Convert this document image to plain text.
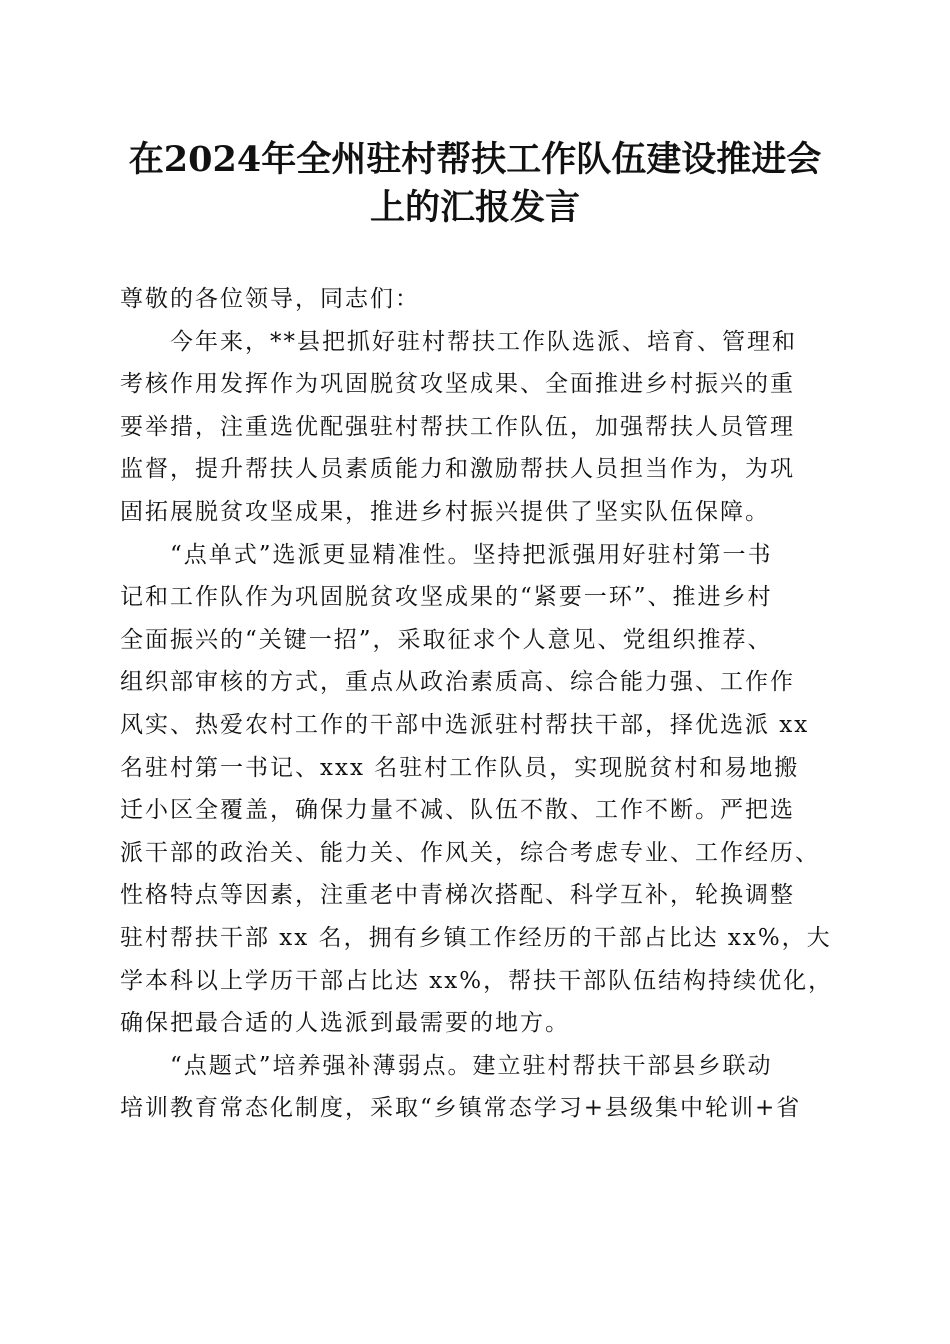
在2024年全州驻村帮扶工作队伍建设推进会
上的汇报发言
尊敬的各位领导，同志们：
今年来，**县把抓好驻村帮扶工作队选派、培育、管理和
考核作用发挥作为巩固脱贫攻坚成果、全面推进乡村振兴的重
要举措，注重选优配强驻村帮扶工作队伍，加强帮扶人员管理
监督，提升帮扶人员素质能力和激励帮扶人员担当作为，为巩
固拓展脱贫攻坚成果，推进乡村振兴提供了坚实队伍保障。
“点单式”选派更显精准性。坚持把派强用好驻村第一书
记和工作队作为巩固脱贫攻坚成果的“紧要一环”、推进乡村
全面振兴的“关键一招”，采取征求个人意见、党组织推荐、
组织部审核的方式，重点从政治素质高、综合能力强、工作作
风实、热爱农村工作的干部中选派驻村帮扶干部，择优选派 xx
名驻村第一书记、xxx 名驻村工作队员，实现脱贫村和易地搬
迁小区全覆盖，确保力量不减、队伍不散、工作不断。严把选
派干部的政治关、能力关、作风关，综合考虑专业、工作经历、
性格特点等因素，注重老中青梯次搭配、科学互补，轮换调整
驻村帮扶干部 xx 名，拥有乡镇工作经历的干部占比达 xx%，大
学本科以上学历干部占比达 xx%，帮扶干部队伍结构持续优化，
确保把最合适的人选派到最需要的地方。
“点题式”培养强补薄弱点。建立驻村帮扶干部县乡联动
培训教育常态化制度，采取“乡镇常态学习+县级集中轮训+省
